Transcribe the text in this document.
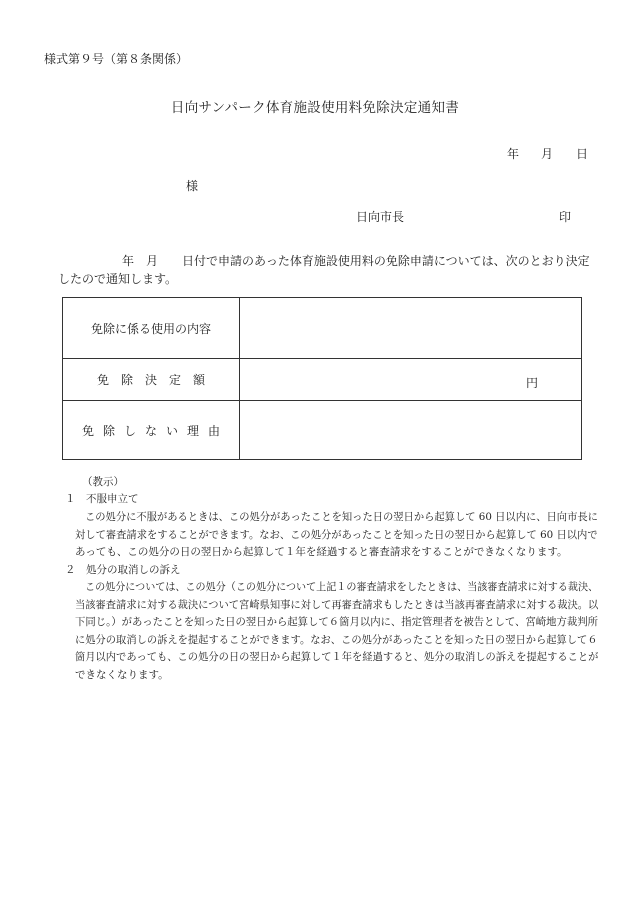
様式第９号（第８条関係）
日向サンパーク体育施設使用料免除決定通知書
年 月 日
様
日向市長	印
年 月 日付で申請のあった体育施設使用料の免除申請については、次のとおり決定
したので通知します。
免除に係る使用の内容
免除決定額	円
免除しない理由
（教示）
１　不服申立て
この処分に不服があるときは、この処分があったことを知った日の翌日から起算して 60 日以内に、日向市長に
対して審査請求をすることができます。なお、この処分があったことを知った日の翌日から起算して 60 日以内で
あっても、この処分の日の翌日から起算して１年を経過すると審査請求をすることができなくなります。
２　処分の取消しの訴え
この処分については、この処分（この処分について上記１の審査請求をしたときは、当該審査請求に対する裁決、
当該審査請求に対する裁決について宮崎県知事に対して再審査請求もしたときは当該再審査請求に対する裁決。以
下同じ。）があったことを知った日の翌日から起算して６箇月以内に、指定管理者を被告として、宮崎地方裁判所
に処分の取消しの訴えを提起することができます。なお、この処分があったことを知った日の翌日から起算して６
箇月以内であっても、この処分の日の翌日から起算して１年を経過すると、処分の取消しの訴えを提起することが
できなくなります。
